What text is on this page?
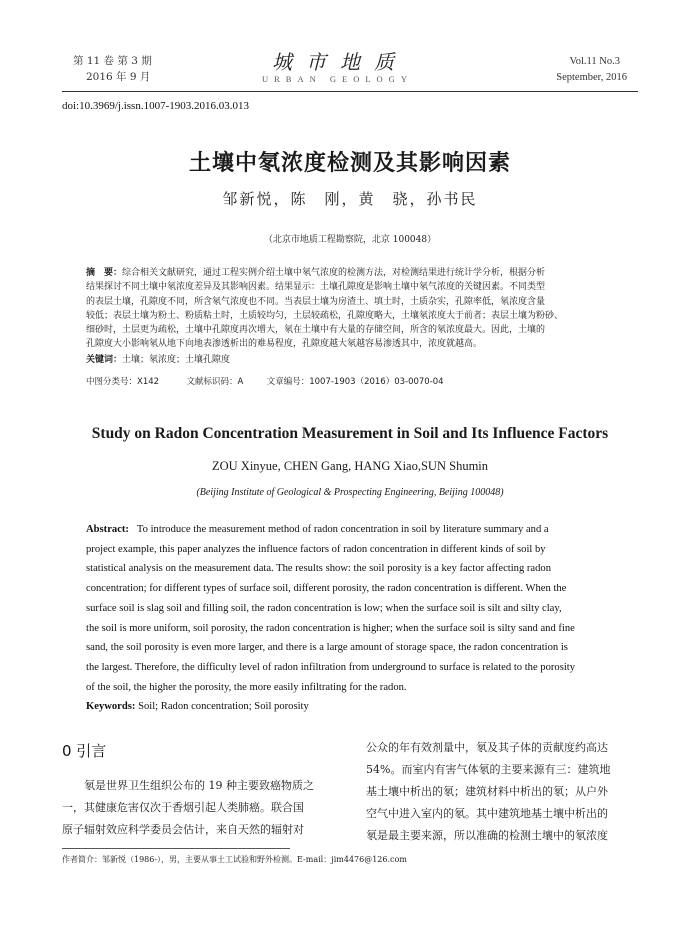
第 11 卷 第 3 期
2016 年 9 月
城市地质
URBAN GEOLOGY
Vol.11 No.3
September, 2016
doi:10.3969/j.issn.1007-1903.2016.03.013
土壤中氡浓度检测及其影响因素
邹新悦，陈　刚，黄　骁，孙书民
（北京市地质工程勘察院，北京 100048）
摘　要：综合相关文献研究，通过工程实例介绍土壤中氡气浓度的检测方法，对检测结果进行统计学分析，根据分析
结果探讨不同土壤中氡浓度差异及其影响因素。结果显示：土壤孔隙度是影响土壤中氡气浓度的关键因素。不同类型
的表层土壤，孔隙度不同，所含氡气浓度也不同。当表层土壤为房渣土、填土时，土质杂实，孔隙率低，氡浓度含量
较低；表层土壤为粉土、粉质粘土时，土质较均匀，土层较疏松，孔隙度略大，土壤氡浓度大于前者；表层土壤为粉砂、
细砂时，土层更为疏松，土壤中孔隙度再次增大，氡在土壤中有大量的存储空间，所含的氡浓度最大。因此，土壤的
孔隙度大小影响氡从地下向地表渗透析出的难易程度，孔隙度越大氡越容易渗透其中，浓度就越高。
关键词：土壤；氡浓度；土壤孔隙度
中图分类号：X142	文献标识码：A	文章编号：1007-1903（2016）03-0070-04
Study on Radon Concentration Measurement in Soil and Its Influence Factors
ZOU Xinyue, CHEN Gang, HANG Xiao,SUN Shumin
(Beijing Institute of Geological & Prospecting Engineering, Beijing 100048)
Abstract: To introduce the measurement method of radon concentration in soil by literature summary and a
project example, this paper analyzes the influence factors of radon concentration in different kinds of soil by
statistical analysis on the measurement data. The results show: the soil porosity is a key factor affecting radon
concentration; for different types of surface soil, different porosity, the radon concentration is different. When the
surface soil is slag soil and filling soil, the radon concentration is low; when the surface soil is silt and silty clay,
the soil is more uniform, soil porosity, the radon concentration is higher; when the surface soil is silty sand and fine
sand, the soil porosity is even more larger, and there is a large amount of storage space, the radon concentration is
the largest. Therefore, the difficulty level of radon infiltration from underground to surface is related to the porosity
of the soil, the higher the porosity, the more easily infiltrating for the radon.
Keywords: Soil; Radon concentration; Soil porosity
0 引言
氡是世界卫生组织公布的 19 种主要致癌物质之
一，其健康危害仅次于香烟引起人类肺癌。联合国
原子辐射效应科学委员会估计，来自天然的辐射对
公众的年有效剂量中，氡及其子体的贡献度约高达
54%。而室内有害气体氡的主要来源有三：建筑地
基土壤中析出的氡；建筑材料中析出的氡；从户外
空气中进入室内的氡。其中建筑地基土壤中析出的
氡是最主要来源，所以准确的检测土壤中的氡浓度
作者简介：邹新悦（1986-），男，主要从事土工试验和野外检测。E-mail：jim4476@126.com
